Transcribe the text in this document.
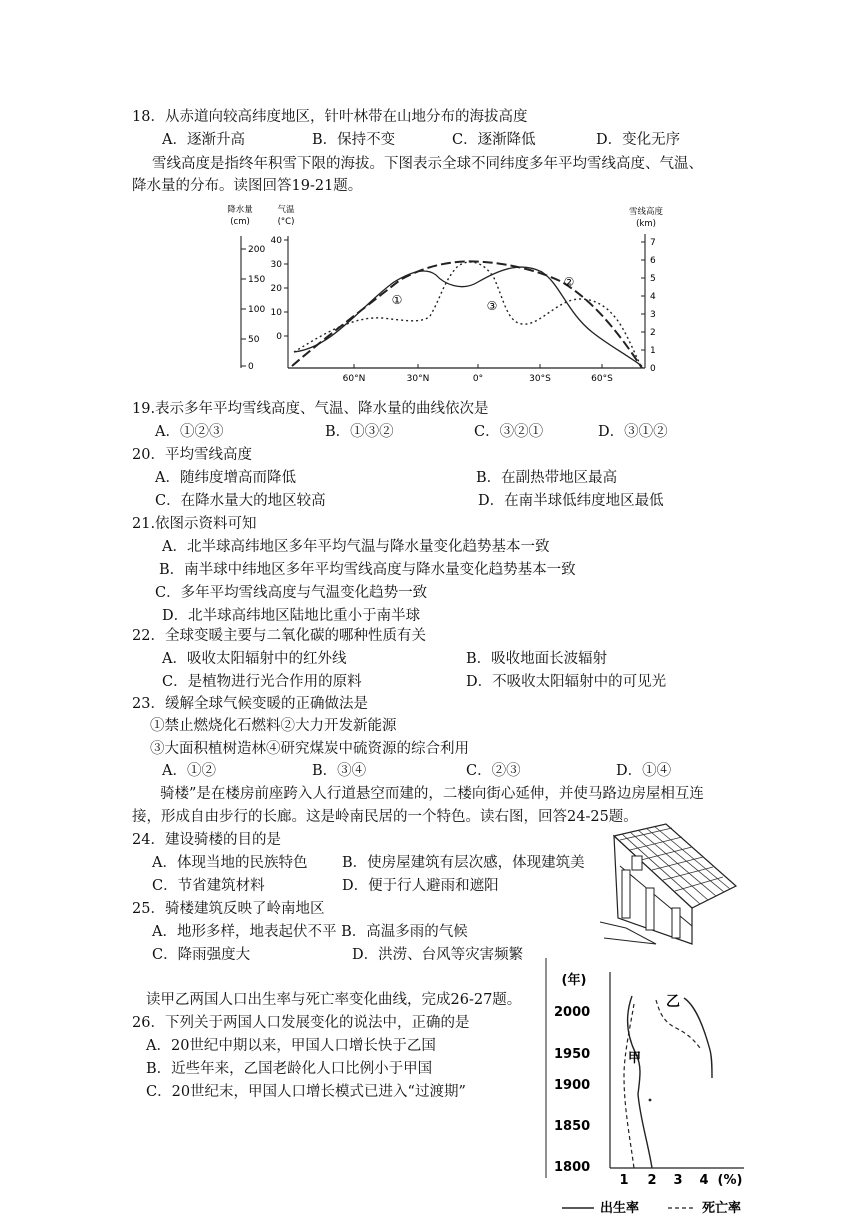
18．从赤道向较高纬度地区，针叶林带在山地分布的海拔高度
A．逐渐升高	B．保持不变	C．逐渐降低	D．变化无序
雪线高度是指终年积雪下限的海拔。下图表示全球不同纬度多年平均雪线高度、气温、
降水量的分布。读图回答19-21题。
降水量
(cm)
气温
(°C)
雪线高度
(km)
200
150
100
50
0
40
30
20
10
0
7
6
5
4
3
2
1
0
①
②
③
60°N	30°N	0°	30°S	60°S
19.表示多年平均雪线高度、气温、降水量的曲线依次是
A．①②③	B．①③②	C．③②①	D．③①②
20．平均雪线高度
A．随纬度增高而降低	B．在副热带地区最高
C．在降水量大的地区较高	D．在南半球低纬度地区最低
21.依图示资料可知
A．北半球高纬地区多年平均气温与降水量变化趋势基本一致
B．南半球中纬地区多年平均雪线高度与降水量变化趋势基本一致
C．多年平均雪线高度与气温变化趋势一致
D．北半球高纬地区陆地比重小于南半球
22．全球变暖主要与二氧化碳的哪种性质有关
A．吸收太阳辐射中的红外线	B．吸收地面长波辐射
C．是植物进行光合作用的原料	D．不吸收太阳辐射中的可见光
23．缓解全球气候变暖的正确做法是
①禁止燃烧化石燃料②大力开发新能源
③大面积植树造林④研究煤炭中硫资源的综合利用
A．①②	B．③④	C．②③	D．①④
骑楼”是在楼房前座跨入人行道悬空而建的，二楼向街心延伸，并使马路边房屋相互连
接，形成自由步行的长廊。这是岭南民居的一个特色。读右图，回答24-25题。
24．建设骑楼的目的是
A．体现当地的民族特色 B．使房屋建筑有层次感，体现建筑美
C．节省建筑材料	D．便于行人避雨和遮阳
25．骑楼建筑反映了岭南地区
A．地形多样，地表起伏不平 B．高温多雨的气候
C．降雨强度大	D．洪涝、台风等灾害频繁
读甲乙两国人口出生率与死亡率变化曲线，完成26-27题。
26．下列关于两国人口发展变化的说法中，正确的是
A．20世纪中期以来，甲国人口增长快于乙国
B．近些年来，乙国老龄化人口比例小于甲国
C．20世纪末，甲国人口增长模式已进入“过渡期”
(年)
2000
1950
1900
1850
1800
甲
乙
1 2 3 4 (%)
出生率	死亡率
